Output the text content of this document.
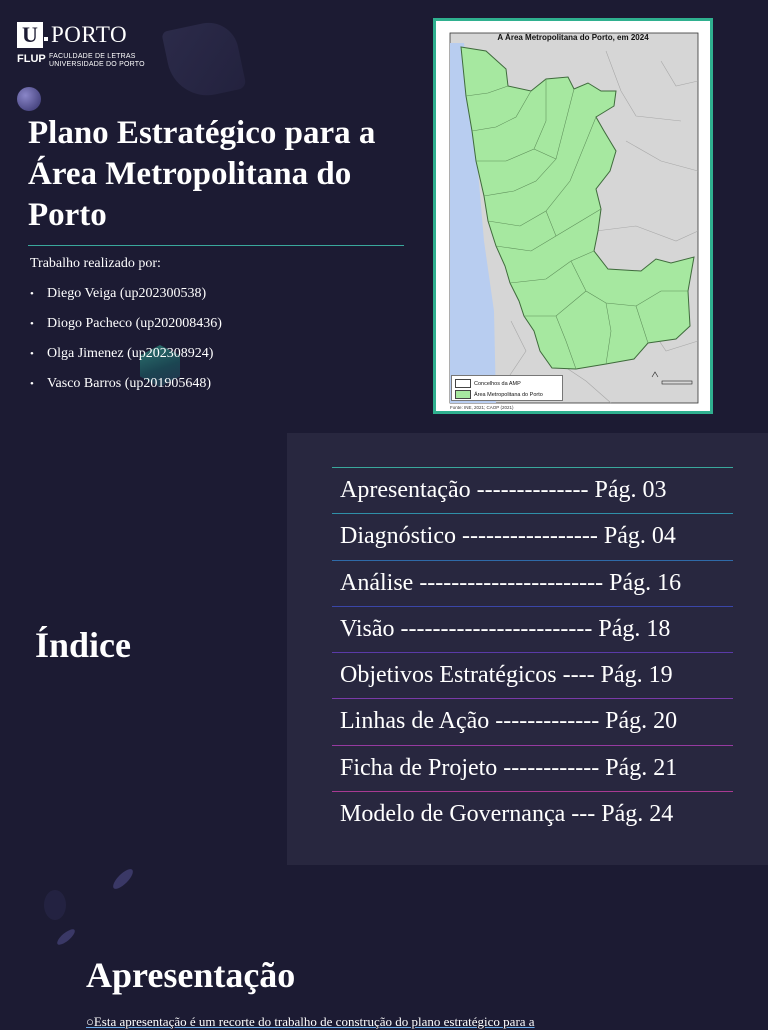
U PORTO
FLUP FACULDADE DE LETRAS
UNIVERSIDADE DO PORTO
Plano Estratégico para a Área Metropolitana do Porto
Trabalho realizado por:
• Diego Veiga (up202300538)
• Diogo Pacheco (up202008436)
• Olga Jimenez (up202308924)
• Vasco Barros (up201905648)
A Área Metropolitana do Porto, em 2024
Concelhos da AMP
Área Metropolitana do Porto
Fonte: INE, 2021; CAOP (2021)
Índice
Apresentação -------------- Pág. 03
Diagnóstico ----------------- Pág. 04
Análise ----------------------- Pág. 16
Visão ------------------------ Pág. 18
Objetivos Estratégicos ---- Pág. 19
Linhas de Ação ------------- Pág. 20
Ficha de Projeto ------------ Pág. 21
Modelo de Governança --- Pág. 24
Apresentação
○Esta apresentação é um recorte do trabalho de construção do plano estratégico para a
